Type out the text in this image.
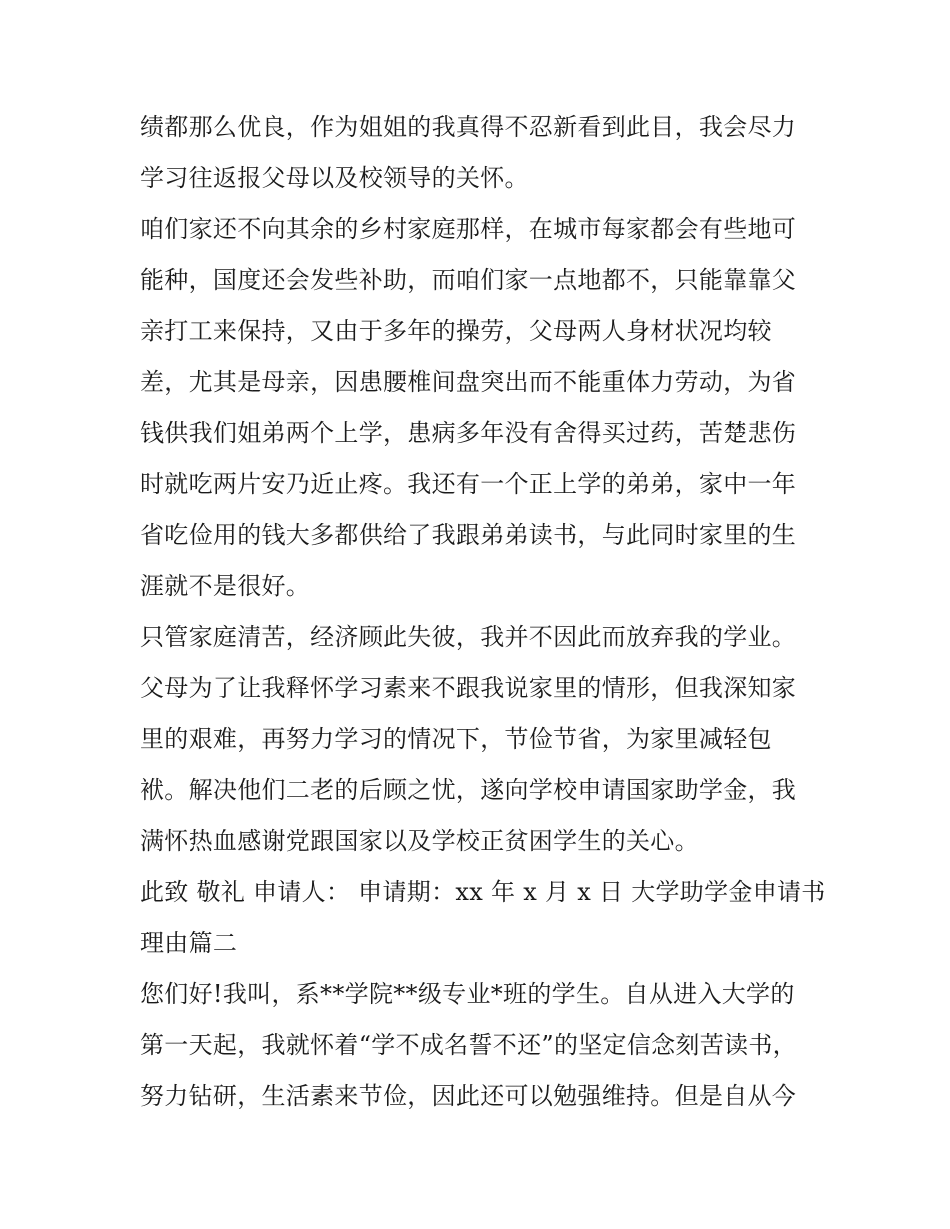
绩都那么优良，作为姐姐的我真得不忍新看到此目，我会尽力
学习往返报父母以及校领导的关怀。
咱们家还不向其余的乡村家庭那样，在城市每家都会有些地可
能种，国度还会发些补助，而咱们家一点地都不，只能靠靠父
亲打工来保持，又由于多年的操劳，父母两人身材状况均较
差，尤其是母亲，因患腰椎间盘突出而不能重体力劳动，为省
钱供我们姐弟两个上学，患病多年没有舍得买过药，苦楚悲伤
时就吃两片安乃近止疼。我还有一个正上学的弟弟，家中一年
省吃俭用的钱大多都供给了我跟弟弟读书，与此同时家里的生
涯就不是很好。
只管家庭清苦，经济顾此失彼，我并不因此而放弃我的学业。
父母为了让我释怀学习素来不跟我说家里的情形，但我深知家
里的艰难，再努力学习的情况下，节俭节省，为家里减轻包
袱。解决他们二老的后顾之忧，遂向学校申请国家助学金，我
满怀热血感谢党跟国家以及学校正贫困学生的关心。
此致 敬礼 申请人： 申请期：xx 年 x 月 x 日 大学助学金申请书
理由篇二
您们好!我叫，系**学院**级专业*班的学生。自从进入大学的
第一天起，我就怀着“学不成名誓不还”的坚定信念刻苦读书，
努力钻研，生活素来节俭，因此还可以勉强维持。但是自从今
